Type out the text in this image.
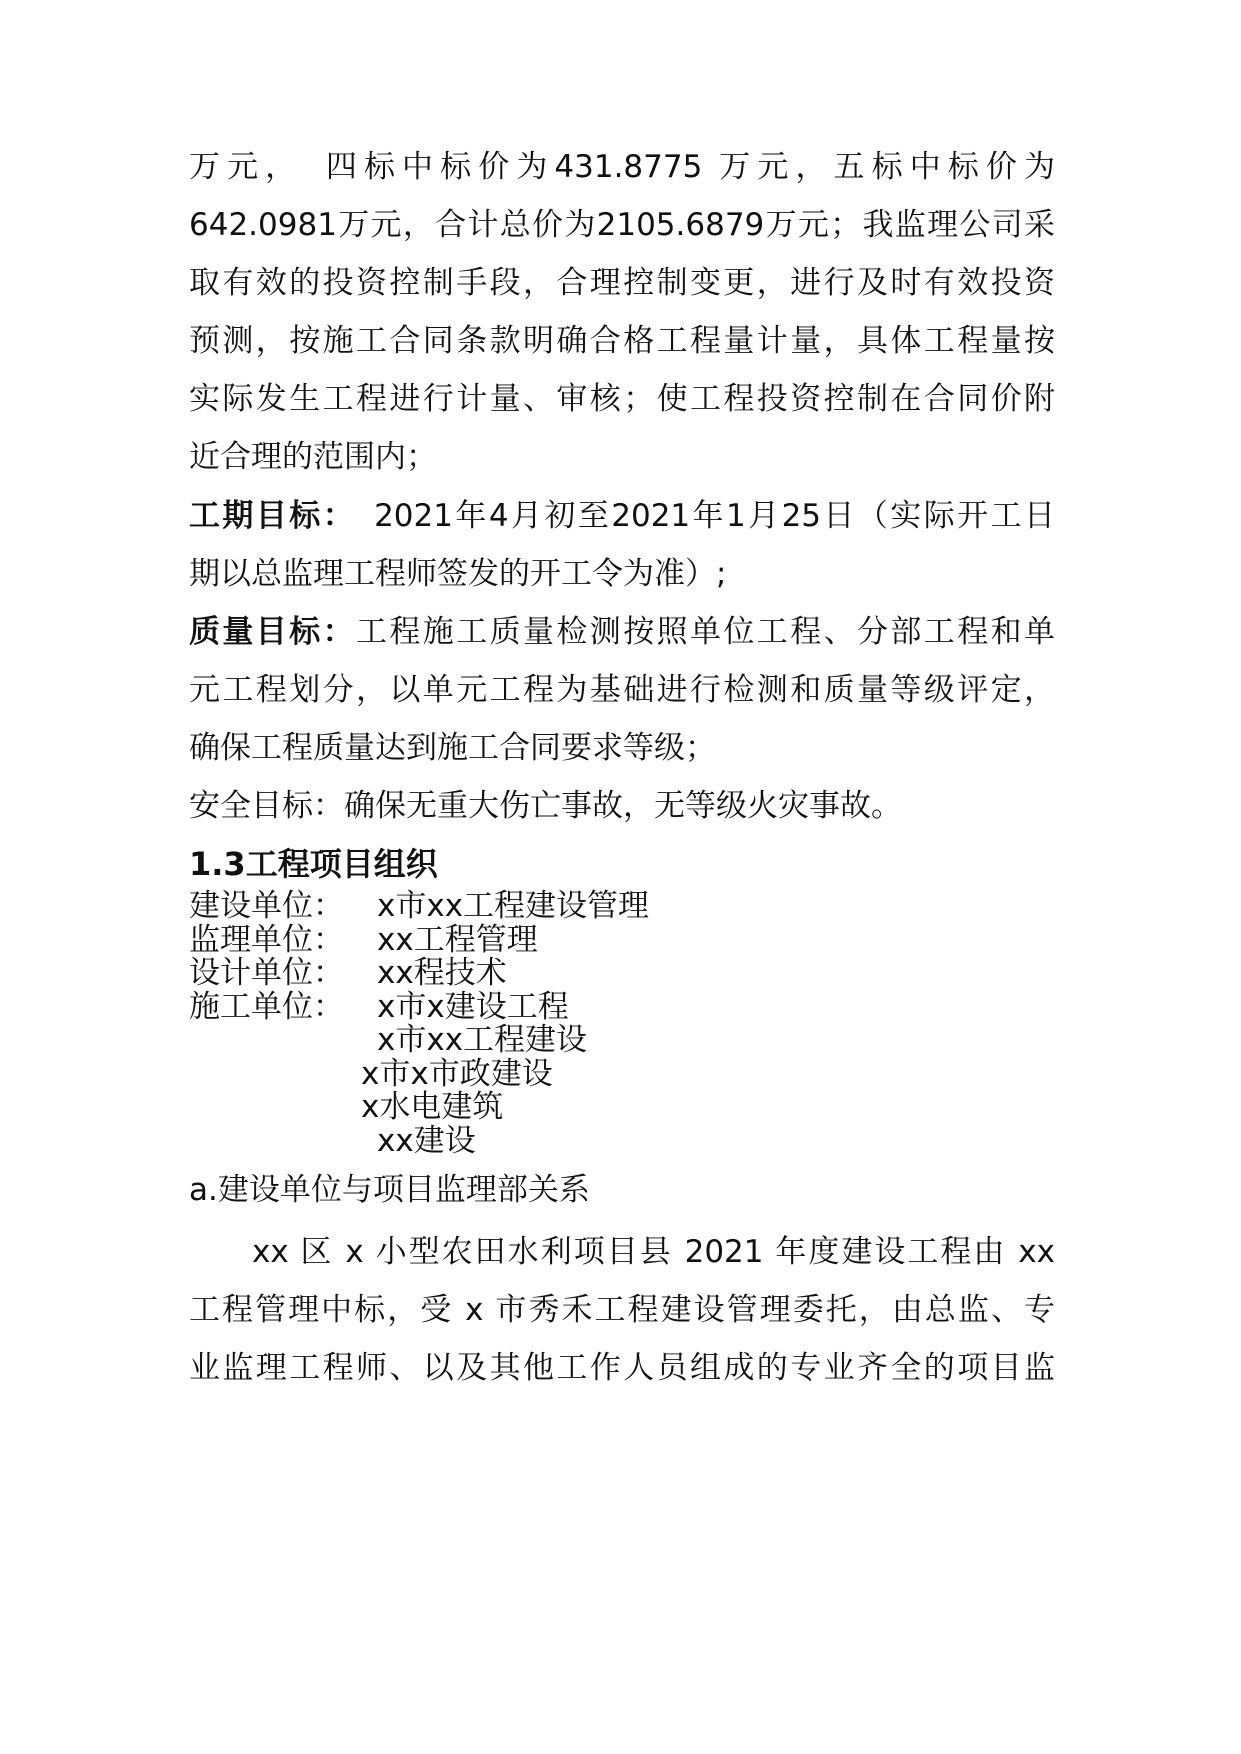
万元，　四标中标价为431.8775 万元，五标中标价为
642.0981万元，合计总价为2105.6879万元；我监理公司采
取有效的投资控制手段，合理控制变更，进行及时有效投资
预测，按施工合同条款明确合格工程量计量，具体工程量按
实际发生工程进行计量、审核；使工程投资控制在合同价附
近合理的范围内；
工期目标：　2021年4月初至2021年1月25日（实际开工日
期以总监理工程师签发的开工令为准）;
质量目标：工程施工质量检测按照单位工程、分部工程和单
元工程划分，以单元工程为基础进行检测和质量等级评定，
确保工程质量达到施工合同要求等级；
安全目标：确保无重大伤亡事故，无等级火灾事故。
1.3工程项目组织
建设单位： x市xx工程建设管理
监理单位： xx工程管理
设计单位： xx程技术
施工单位： x市x建设工程
x市xx工程建设
x市x市政建设
x水电建筑
xx建设
a.建设单位与项目监理部关系
xx 区 x 小型农田水利项目县 2021 年度建设工程由 xx
工程管理中标，受 x 市秀禾工程建设管理委托，由总监、专
业监理工程师、以及其他工作人员组成的专业齐全的项目监
